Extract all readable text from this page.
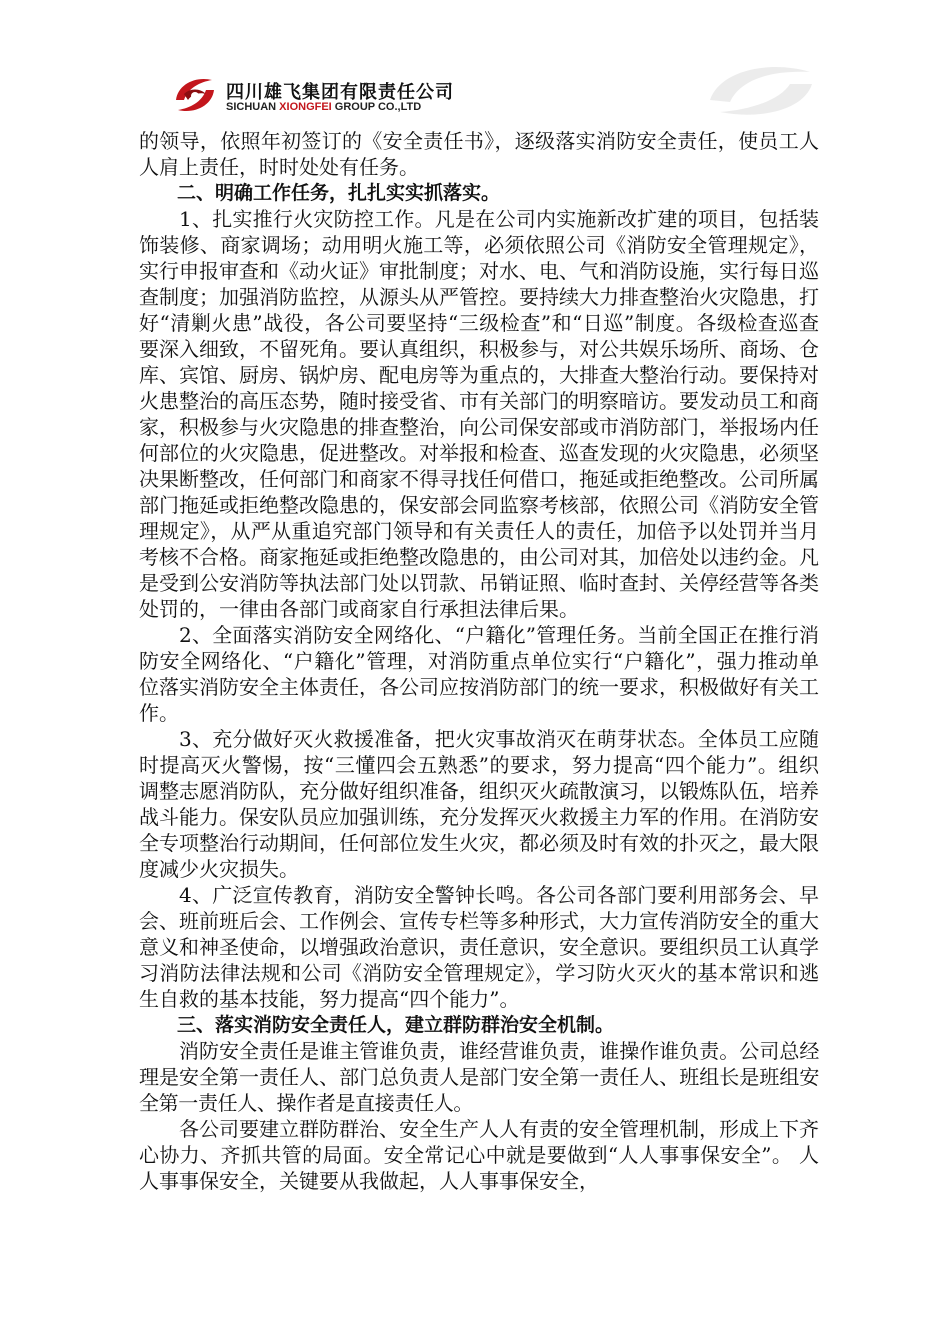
四川雄飞集团有限责任公司
SICHUAN XIONGFEI GROUP CO.,LTD

的领导，依照年初签订的《安全责任书》，逐级落实消防安全责任，使员工人人肩上责任，时时处处有任务。

二、明确工作任务，扎扎实实抓落实。

1、扎实推行火灾防控工作。凡是在公司内实施新改扩建的项目，包括装饰装修、商家调场；动用明火施工等，必须依照公司《消防安全管理规定》，实行申报审查和《动火证》审批制度；对水、电、气和消防设施，实行每日巡查制度；加强消防监控，从源头从严管控。要持续大力排查整治火灾隐患，打好“清剿火患”战役，各公司要坚持“三级检查”和“日巡”制度。各级检查巡查要深入细致，不留死角。要认真组织，积极参与，对公共娱乐场所、商场、仓库、宾馆、厨房、锅炉房、配电房等为重点的，大排查大整治行动。要保持对火患整治的高压态势，随时接受省、市有关部门的明察暗访。要发动员工和商家，积极参与火灾隐患的排查整治，向公司保安部或市消防部门，举报场内任何部位的火灾隐患，促进整改。对举报和检查、巡查发现的火灾隐患，必须坚决果断整改，任何部门和商家不得寻找任何借口，拖延或拒绝整改。公司所属部门拖延或拒绝整改隐患的，保安部会同监察考核部，依照公司《消防安全管理规定》，从严从重追究部门领导和有关责任人的责任，加倍予以处罚并当月考核不合格。商家拖延或拒绝整改隐患的，由公司对其，加倍处以违约金。凡是受到公安消防等执法部门处以罚款、吊销证照、临时查封、关停经营等各类处罚的，一律由各部门或商家自行承担法律后果。

2、全面落实消防安全网络化、“户籍化”管理任务。当前全国正在推行消防安全网络化、“户籍化”管理，对消防重点单位实行“户籍化”，强力推动单位落实消防安全主体责任，各公司应按消防部门的统一要求，积极做好有关工作。

3、充分做好灭火救援准备，把火灾事故消灭在萌芽状态。全体员工应随时提高灭火警惕，按“三懂四会五熟悉”的要求，努力提高“四个能力”。组织调整志愿消防队，充分做好组织准备，组织灭火疏散演习，以锻炼队伍，培养战斗能力。保安队员应加强训练，充分发挥灭火救援主力军的作用。在消防安全专项整治行动期间，任何部位发生火灾，都必须及时有效的扑灭之，最大限度减少火灾损失。

4、广泛宣传教育，消防安全警钟长鸣。各公司各部门要利用部务会、早会、班前班后会、工作例会、宣传专栏等多种形式，大力宣传消防安全的重大意义和神圣使命，以增强政治意识，责任意识，安全意识。要组织员工认真学习消防法律法规和公司《消防安全管理规定》，学习防火灭火的基本常识和逃生自救的基本技能，努力提高“四个能力”。

三、落实消防安全责任人，建立群防群治安全机制。

消防安全责任是谁主管谁负责，谁经营谁负责，谁操作谁负责。公司总经理是安全第一责任人、部门总负责人是部门安全第一责任人、班组长是班组安全第一责任人、操作者是直接责任人。

各公司要建立群防群治、安全生产人人有责的安全管理机制，形成上下齐心协力、齐抓共管的局面。安全常记心中就是要做到“人人事事保安全”。 人人事事保安全，关键要从我做起，人人事事保安全，
